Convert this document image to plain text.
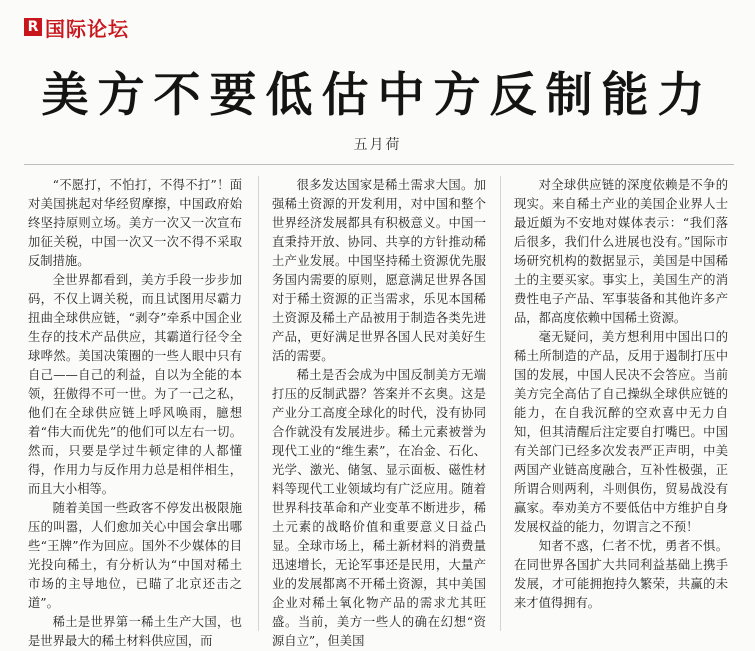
R 国际论坛
美方不要低估中方反制能力
五月荷

“不愿打，不怕打，不得不打”！面对美国挑起对华经贸摩擦，中国政府始终坚持原则立场。美方一次又一次宣布加征关税，中国一次又一次不得不采取反制措施。

全世界都看到，美方手段一步步加码，不仅上调关税，而且试图用尽霸力扭曲全球供应链，“剥夺”牵系中国企业生存的技术产品供应，其霸道行径令全球哗然。美国决策圈的一些人眼中只有自己——自己的利益，自以为全能的本领，狂傲得不可一世。为了一己之私，他们在全球供应链上呼风唤雨，臆想着“伟大而优先”的他们可以左右一切。然而，只要是学过牛顿定律的人都懂得，作用力与反作用力总是相伴相生，而且大小相等。

随着美国一些政客不停发出极限施压的叫嚣，人们愈加关心中国会拿出哪些“王牌”作为回应。国外不少媒体的目光投向稀土，有分析认为“中国对稀土市场的主导地位，已瞄了北京还击之道”。

稀土是世界第一稀土生产大国，也是世界最大的稀土材料供应国，而

很多发达国家是稀土需求大国。加强稀土资源的开发利用，对中国和整个世界经济发展都具有积极意义。中国一直秉持开放、协同、共享的方针推动稀土产业发展。中国坚持稀土资源优先服务国内需要的原则，愿意满足世界各国对于稀土资源的正当需求，乐见本国稀土资源及稀土产品被用于制造各类先进产品，更好满足世界各国人民对美好生活的需要。

稀土是否会成为中国反制美方无端打压的反制武器？答案并不玄奥。这是产业分工高度全球化的时代，没有协同合作就没有发展进步。稀土元素被誉为现代工业的“维生素”，在冶金、石化、光学、激光、储氢、显示面板、磁性材料等现代工业领域均有广泛应用。随着世界科技革命和产业变革不断进步，稀土元素的战略价值和重要意义日益凸显。全球市场上，稀土新材料的消费量迅速增长，无论军事还是民用，大量产业的发展都离不开稀土资源，其中美国企业对稀土氧化物产品的需求尤其旺盛。当前，美方一些人的确在幻想“资源自立”，但美国

对全球供应链的深度依赖是不争的现实。来自稀土产业的美国企业界人士最近頗为不安地对媒体表示：“我们落后很多，我们什么进展也没有。”国际市场研究机构的数据显示，美国是中国稀土的主要买家。事实上，美国生产的消费性电子产品、军事装备和其他许多产品，都高度依赖中国稀土资源。

毫无疑问，美方想利用中国出口的稀土所制造的产品，反用于遏制打压中国的发展，中国人民决不会答应。当前美方完全高估了自己操纵全球供应链的能力，在自我沉醉的空欢喜中无力自知，但其清醒后注定要自打嘴巴。中国有关部门已经多次发表严正声明，中美两国产业链高度融合，互补性极强，正所谓合则两利，斗则俱伤，贸易战没有赢家。奉劝美方不要低估中方维护自身发展权益的能力，勿谓言之不预！

知者不惑，仁者不忧，勇者不惧。在同世界各国扩大共同利益基础上携手发展，才可能拥抱持久繁荣，共赢的未来才值得拥有。
